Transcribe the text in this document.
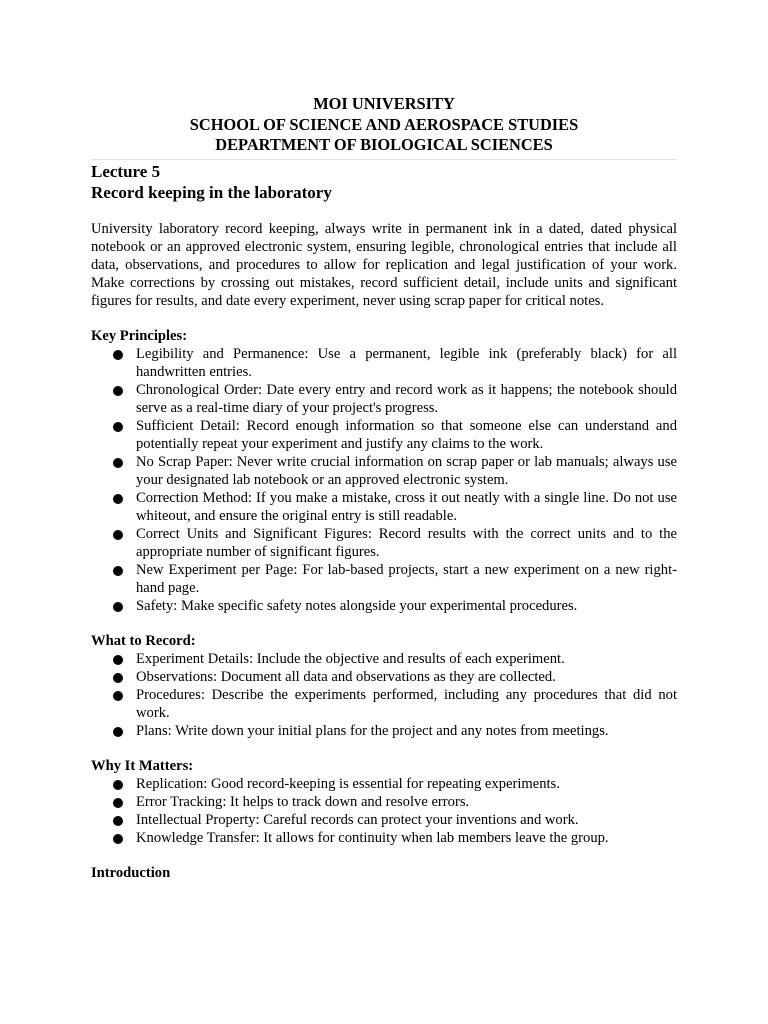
MOI UNIVERSITY

SCHOOL OF SCIENCE AND AEROSPACE STUDIES

DEPARTMENT OF BIOLOGICAL SCIENCES

Lecture 5

Record keeping in the laboratory

University laboratory record keeping, always write in permanent ink in a dated, dated physical notebook or an approved electronic system, ensuring legible, chronological entries that include all data, observations, and procedures to allow for replication and legal justification of your work. Make corrections by crossing out mistakes, record sufficient detail, include units and significant figures for results, and date every experiment, never using scrap paper for critical notes.

Key Principles:

Legibility and Permanence: Use a permanent, legible ink (preferably black) for all handwritten entries.
Chronological Order: Date every entry and record work as it happens; the notebook should serve as a real-time diary of your project's progress.
Sufficient Detail: Record enough information so that someone else can understand and potentially repeat your experiment and justify any claims to the work.
No Scrap Paper: Never write crucial information on scrap paper or lab manuals; always use your designated lab notebook or an approved electronic system.
Correction Method: If you make a mistake, cross it out neatly with a single line. Do not use whiteout, and ensure the original entry is still readable.
Correct Units and Significant Figures: Record results with the correct units and to the appropriate number of significant figures.
New Experiment per Page: For lab-based projects, start a new experiment on a new right-hand page.
Safety: Make specific safety notes alongside your experimental procedures.

What to Record:

Experiment Details: Include the objective and results of each experiment.
Observations: Document all data and observations as they are collected.
Procedures: Describe the experiments performed, including any procedures that did not work.
Plans: Write down your initial plans for the project and any notes from meetings.

Why It Matters:

Replication: Good record-keeping is essential for repeating experiments.
Error Tracking: It helps to track down and resolve errors.
Intellectual Property: Careful records can protect your inventions and work.
Knowledge Transfer: It allows for continuity when lab members leave the group.

Introduction
